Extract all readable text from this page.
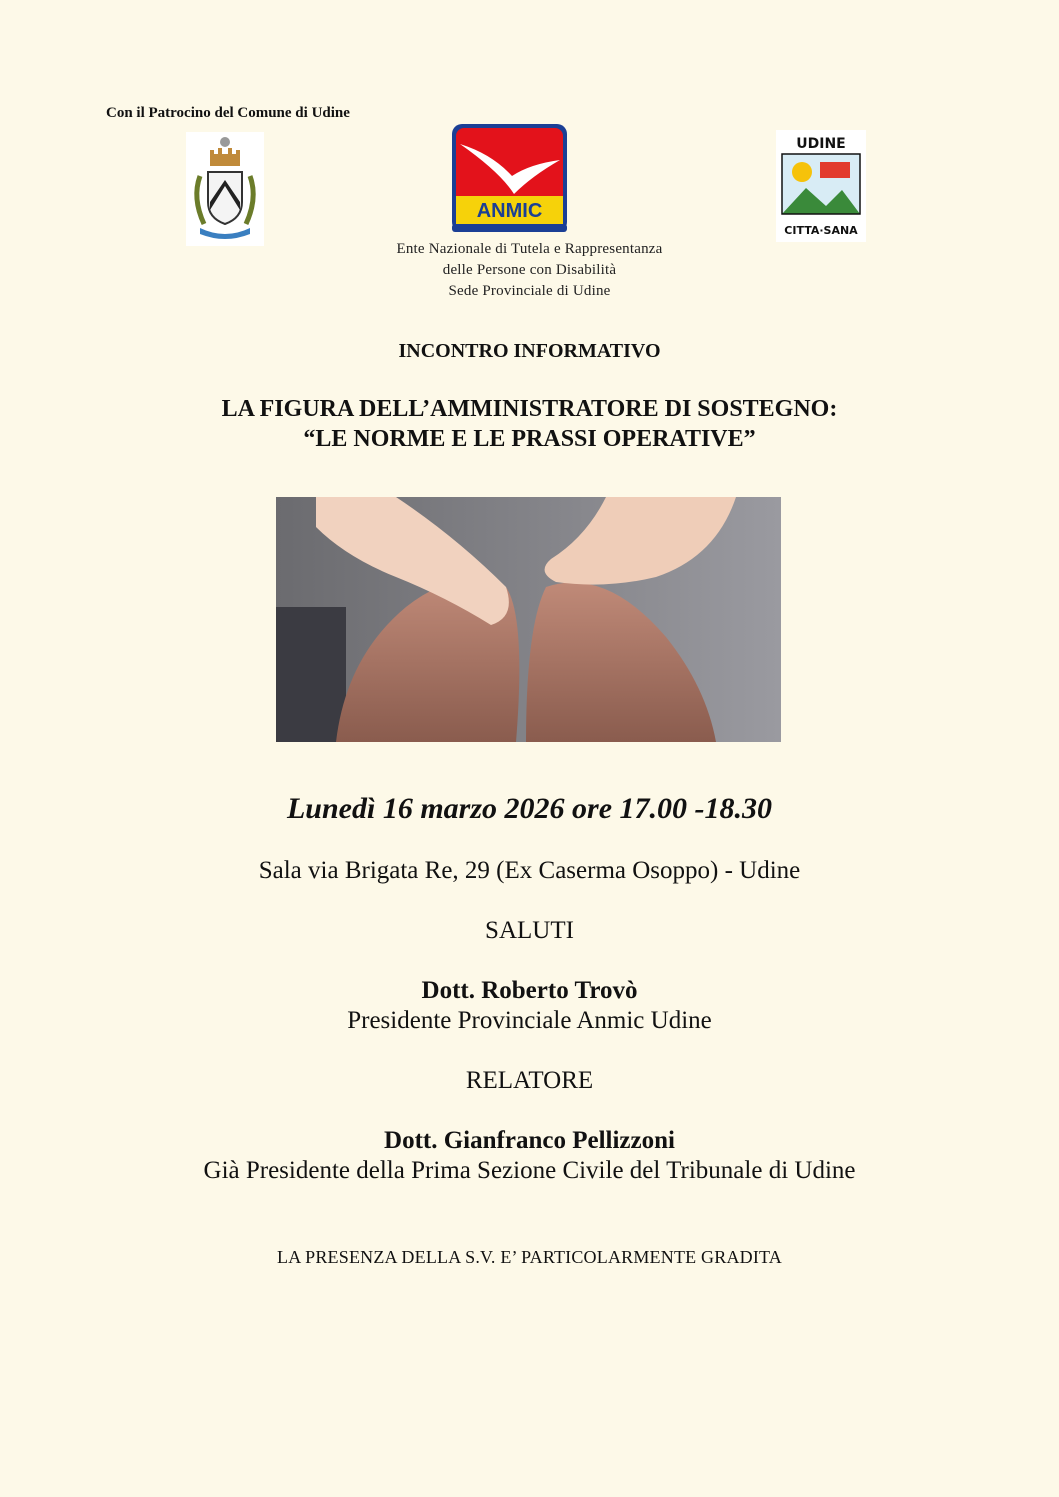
Con il Patrocino del Comune di Udine
ANMIC
UDINE
CITTA·SANA
Ente Nazionale di Tutela e Rappresentanza
delle Persone con Disabilità
Sede Provinciale di Udine
INCONTRO INFORMATIVO
LA FIGURA DELL’AMMINISTRATORE DI SOSTEGNO:
“LE NORME E LE PRASSI OPERATIVE”
Lunedì 16 marzo 2026 ore 17.00 -18.30
Sala via Brigata Re, 29 (Ex Caserma Osoppo) - Udine
SALUTI
Dott. Roberto Trovò
Presidente Provinciale Anmic Udine
RELATORE
Dott. Gianfranco Pellizzoni
Già Presidente della Prima Sezione Civile del Tribunale di Udine
LA PRESENZA DELLA S.V. E’ PARTICOLARMENTE GRADITA
